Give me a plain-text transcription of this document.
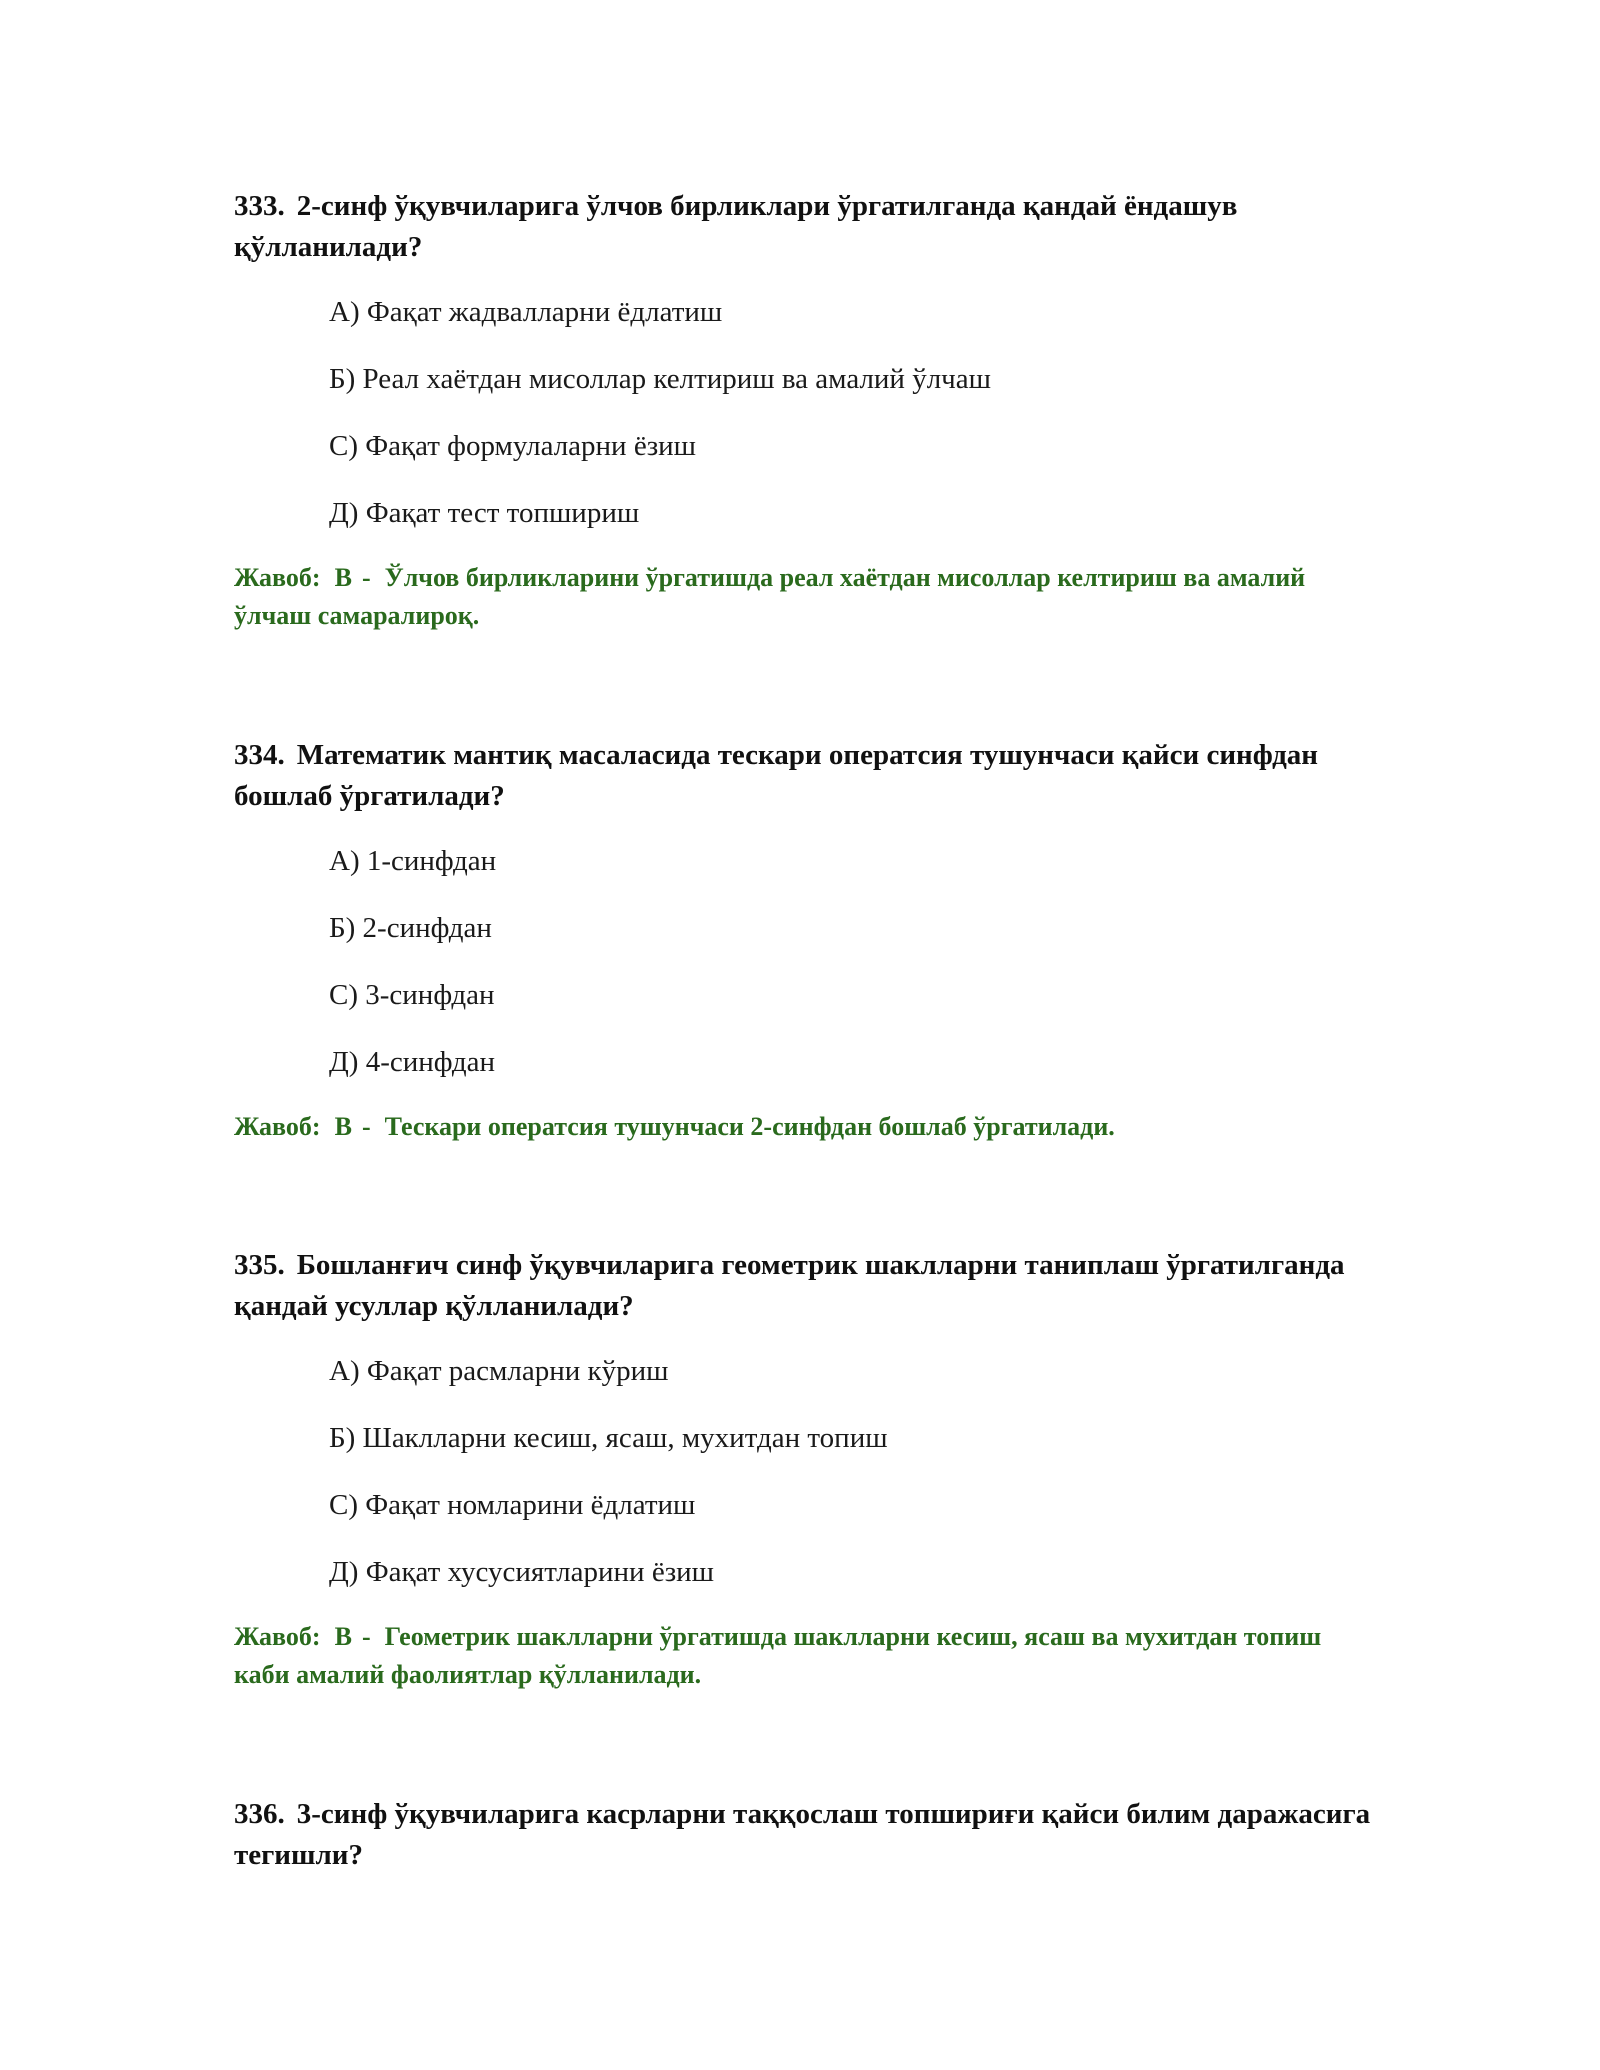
333. 2-синф ўқувчиларига ўлчов бирликлари ўргатилганда қандай ёндашув қўлланилади?

A) Фақат жадвалларни ёдлатиш
Б) Реал хаётдан мисоллар келтириш ва амалий ўлчаш
C) Фақат формулаларни ёзиш
Д) Фақат тест топшириш

Жавоб: B - Ўлчов бирликларини ўргатишда реал хаётдан мисоллар келтириш ва амалий ўлчаш самаралироқ.

334. Математик мантиқ масаласида тескари оператсия тушунчаси қайси синфдан бошлаб ўргатилади?

A) 1-синфдан
Б) 2-синфдан
C) 3-синфдан
Д) 4-синфдан

Жавоб: B - Тескари оператсия тушунчаси 2-синфдан бошлаб ўргатилади.

335. Бошланғич синф ўқувчиларига геометрик шаклларни таниплаш ўргатилганда қандай усуллар қўлланилади?

A) Фақат расмларни кўриш
Б) Шаклларни кесиш, ясаш, мухитдан топиш
C) Фақат номларини ёдлатиш
Д) Фақат хусусиятларини ёзиш

Жавоб: B - Геометрик шаклларни ўргатишда шаклларни кесиш, ясаш ва мухитдан топиш каби амалий фаолиятлар қўлланилади.

336. 3-синф ўқувчиларига касрларни таққослаш топшириғи қайси билим даражасига тегишли?
